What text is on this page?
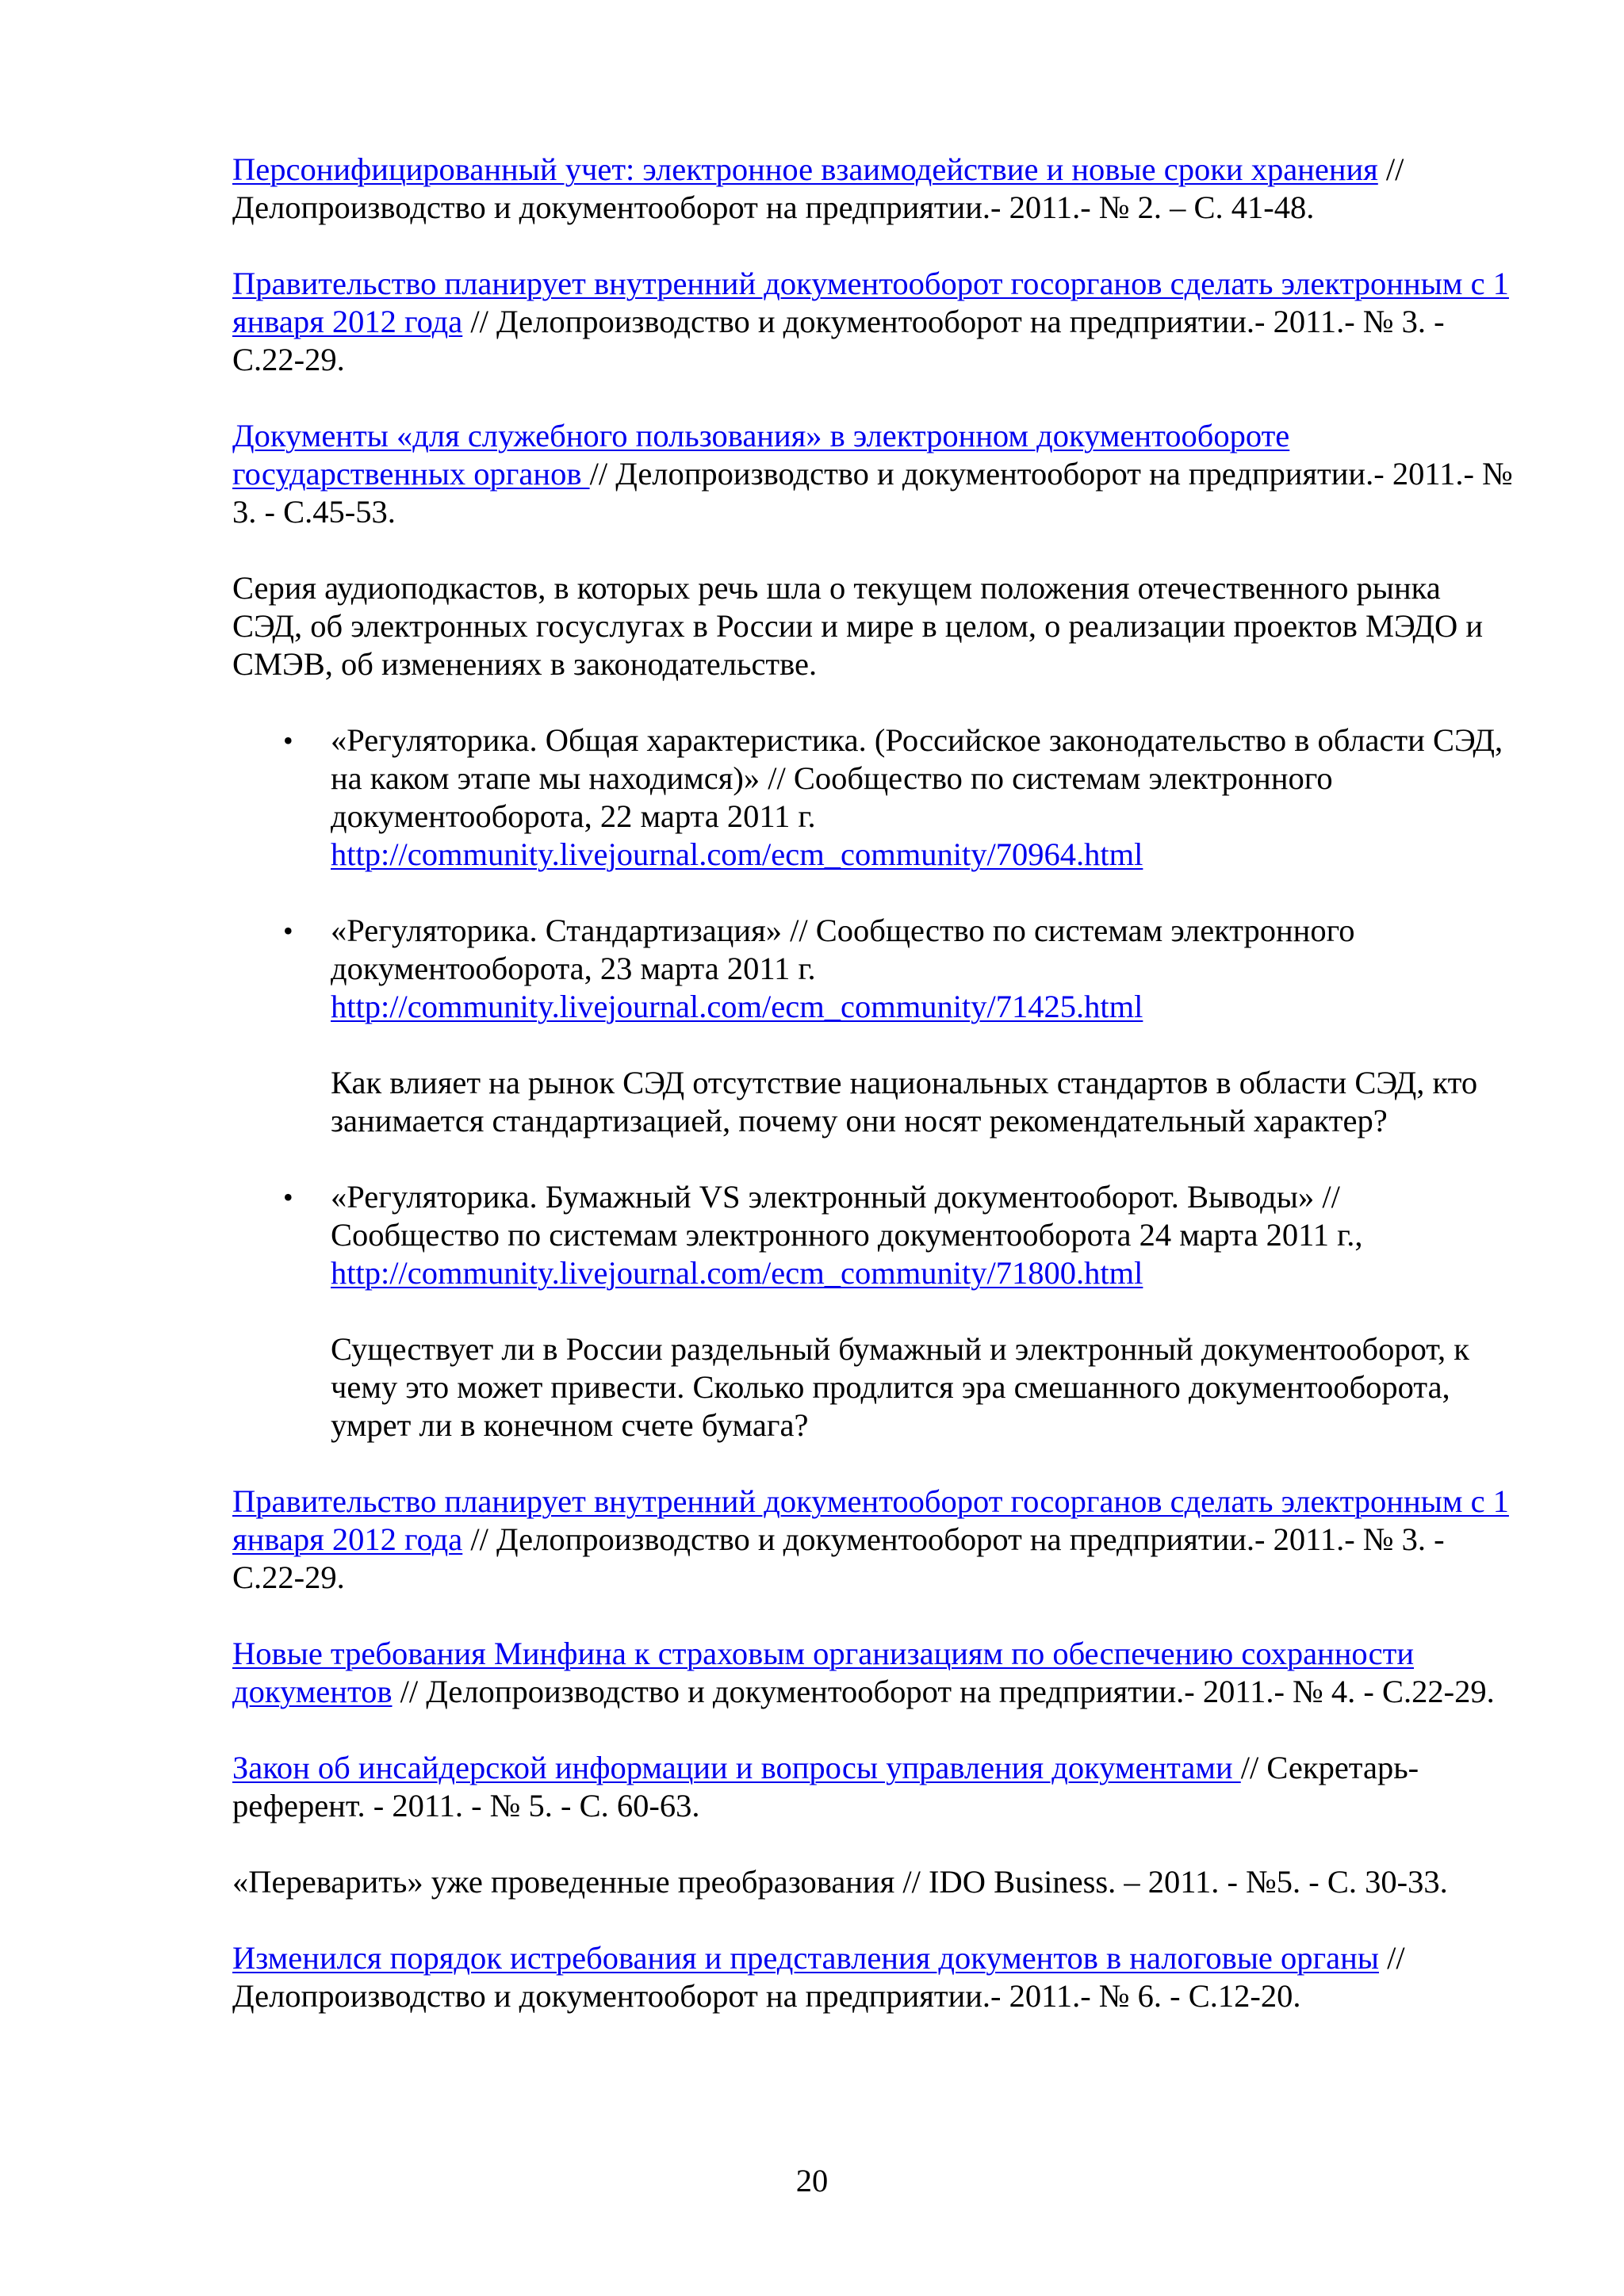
Персонифицированный учет: электронное взаимодействие и новые сроки хранения // Делопроизводство и документооборот на предприятии.- 2011.- № 2. – С. 41-48.

Правительство планирует внутренний документооборот госорганов сделать электронным с 1 января 2012 года // Делопроизводство и документооборот на предприятии.- 2011.- № 3. - С.22-29.

Документы «для служебного пользования» в электронном документообороте государственных органов // Делопроизводство и документооборот на предприятии.- 2011.- № 3. - С.45-53.

Серия аудиоподкастов, в которых речь шла о текущем положения отечественного рынка СЭД, об электронных госуслугах в России и мире в целом, о реализации проектов МЭДО и СМЭВ, об изменениях в законодательстве.

•	«Регуляторика. Общая характеристика. (Российское законодательство в области СЭД, на каком этапе мы находимся)» // Сообщество по системам электронного документооборота, 22 марта 2011 г.
http://community.livejournal.com/ecm_community/70964.html
•	«Регуляторика. Стандартизация» // Сообщество по системам электронного документооборота, 23 марта 2011 г.
http://community.livejournal.com/ecm_community/71425.html
Как влияет на рынок СЭД отсутствие национальных стандартов в области СЭД, кто занимается стандартизацией, почему они носят рекомендательный характер?
•	«Регуляторика. Бумажный VS электронный документооборот. Выводы» // Сообщество по системам электронного документооборота 24 марта 2011 г.,
http://community.livejournal.com/ecm_community/71800.html
Существует ли в России раздельный бумажный и электронный документооборот, к чему это может привести. Сколько продлится эра смешанного документооборота, умрет ли в конечном счете бумага?

Правительство планирует внутренний документооборот госорганов сделать электронным с 1 января 2012 года // Делопроизводство и документооборот на предприятии.- 2011.- № 3. - С.22-29.

Новые требования Минфина к страховым организациям по обеспечению сохранности документов // Делопроизводство и документооборот на предприятии.- 2011.- № 4. - С.22-29.

Закон об инсайдерской информации и вопросы управления документами // Секретарь-референт. - 2011. - № 5. - С. 60-63.

«Переварить» уже проведенные преобразования // IDO Business. – 2011. - №5. - С. 30-33.

Изменился порядок истребования и представления документов в налоговые органы // Делопроизводство и документооборот на предприятии.- 2011.- № 6. - С.12-20.

20
